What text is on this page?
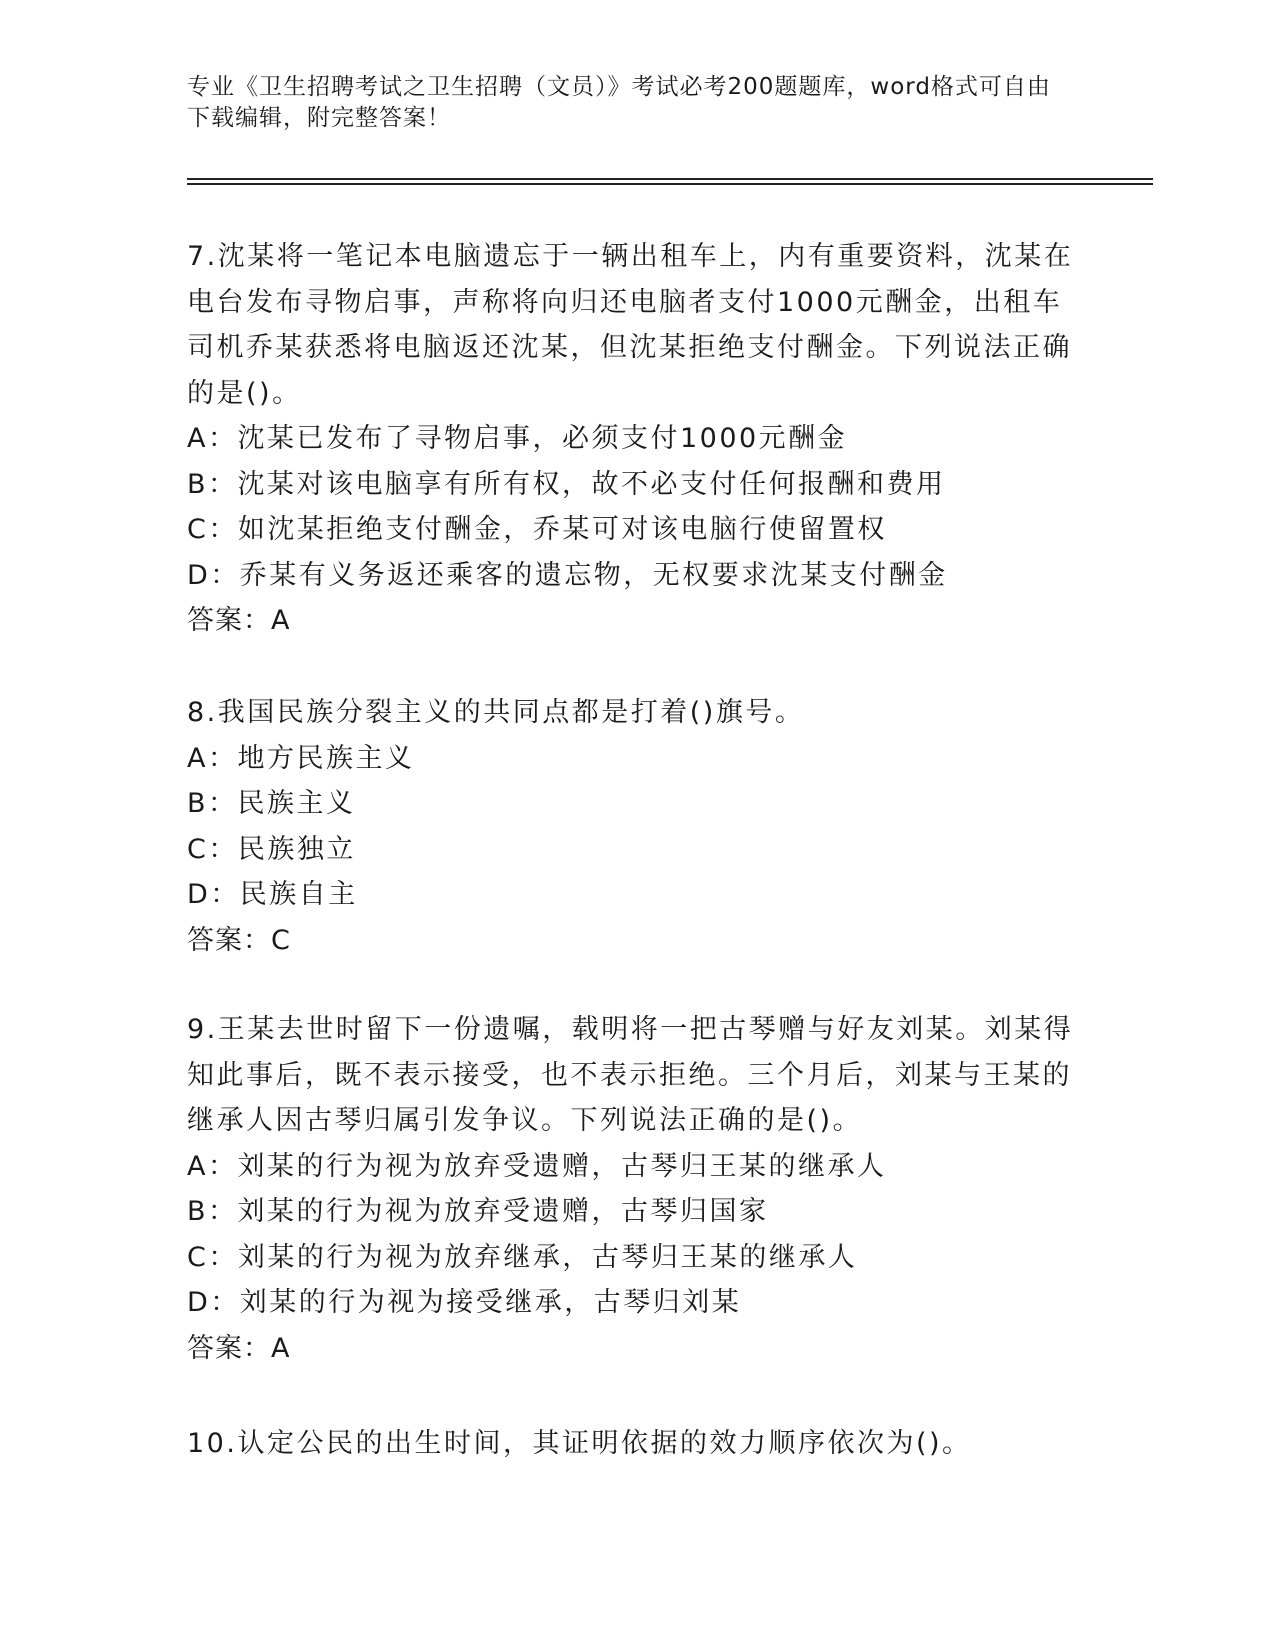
专业《卫生招聘考试之卫生招聘（文员）》考试必考200题题库，word格式可自由下载编辑，附完整答案！

7.沈某将一笔记本电脑遗忘于一辆出租车上，内有重要资料，沈某在电台发布寻物启事，声称将向归还电脑者支付1000元酬金，出租车司机乔某获悉将电脑返还沈某，但沈某拒绝支付酬金。下列说法正确的是()。

A：沈某已发布了寻物启事，必须支付1000元酬金

B：沈某对该电脑享有所有权，故不必支付任何报酬和费用

C：如沈某拒绝支付酬金，乔某可对该电脑行使留置权

D：乔某有义务返还乘客的遗忘物，无权要求沈某支付酬金

答案：A

8.我国民族分裂主义的共同点都是打着()旗号。

A：地方民族主义

B：民族主义

C：民族独立

D：民族自主

答案：C

9.王某去世时留下一份遗嘱，载明将一把古琴赠与好友刘某。刘某得知此事后，既不表示接受，也不表示拒绝。三个月后，刘某与王某的继承人因古琴归属引发争议。下列说法正确的是()。

A：刘某的行为视为放弃受遗赠，古琴归王某的继承人

B：刘某的行为视为放弃受遗赠，古琴归国家

C：刘某的行为视为放弃继承，古琴归王某的继承人

D：刘某的行为视为接受继承，古琴归刘某

答案：A

10.认定公民的出生时间，其证明依据的效力顺序依次为()。
